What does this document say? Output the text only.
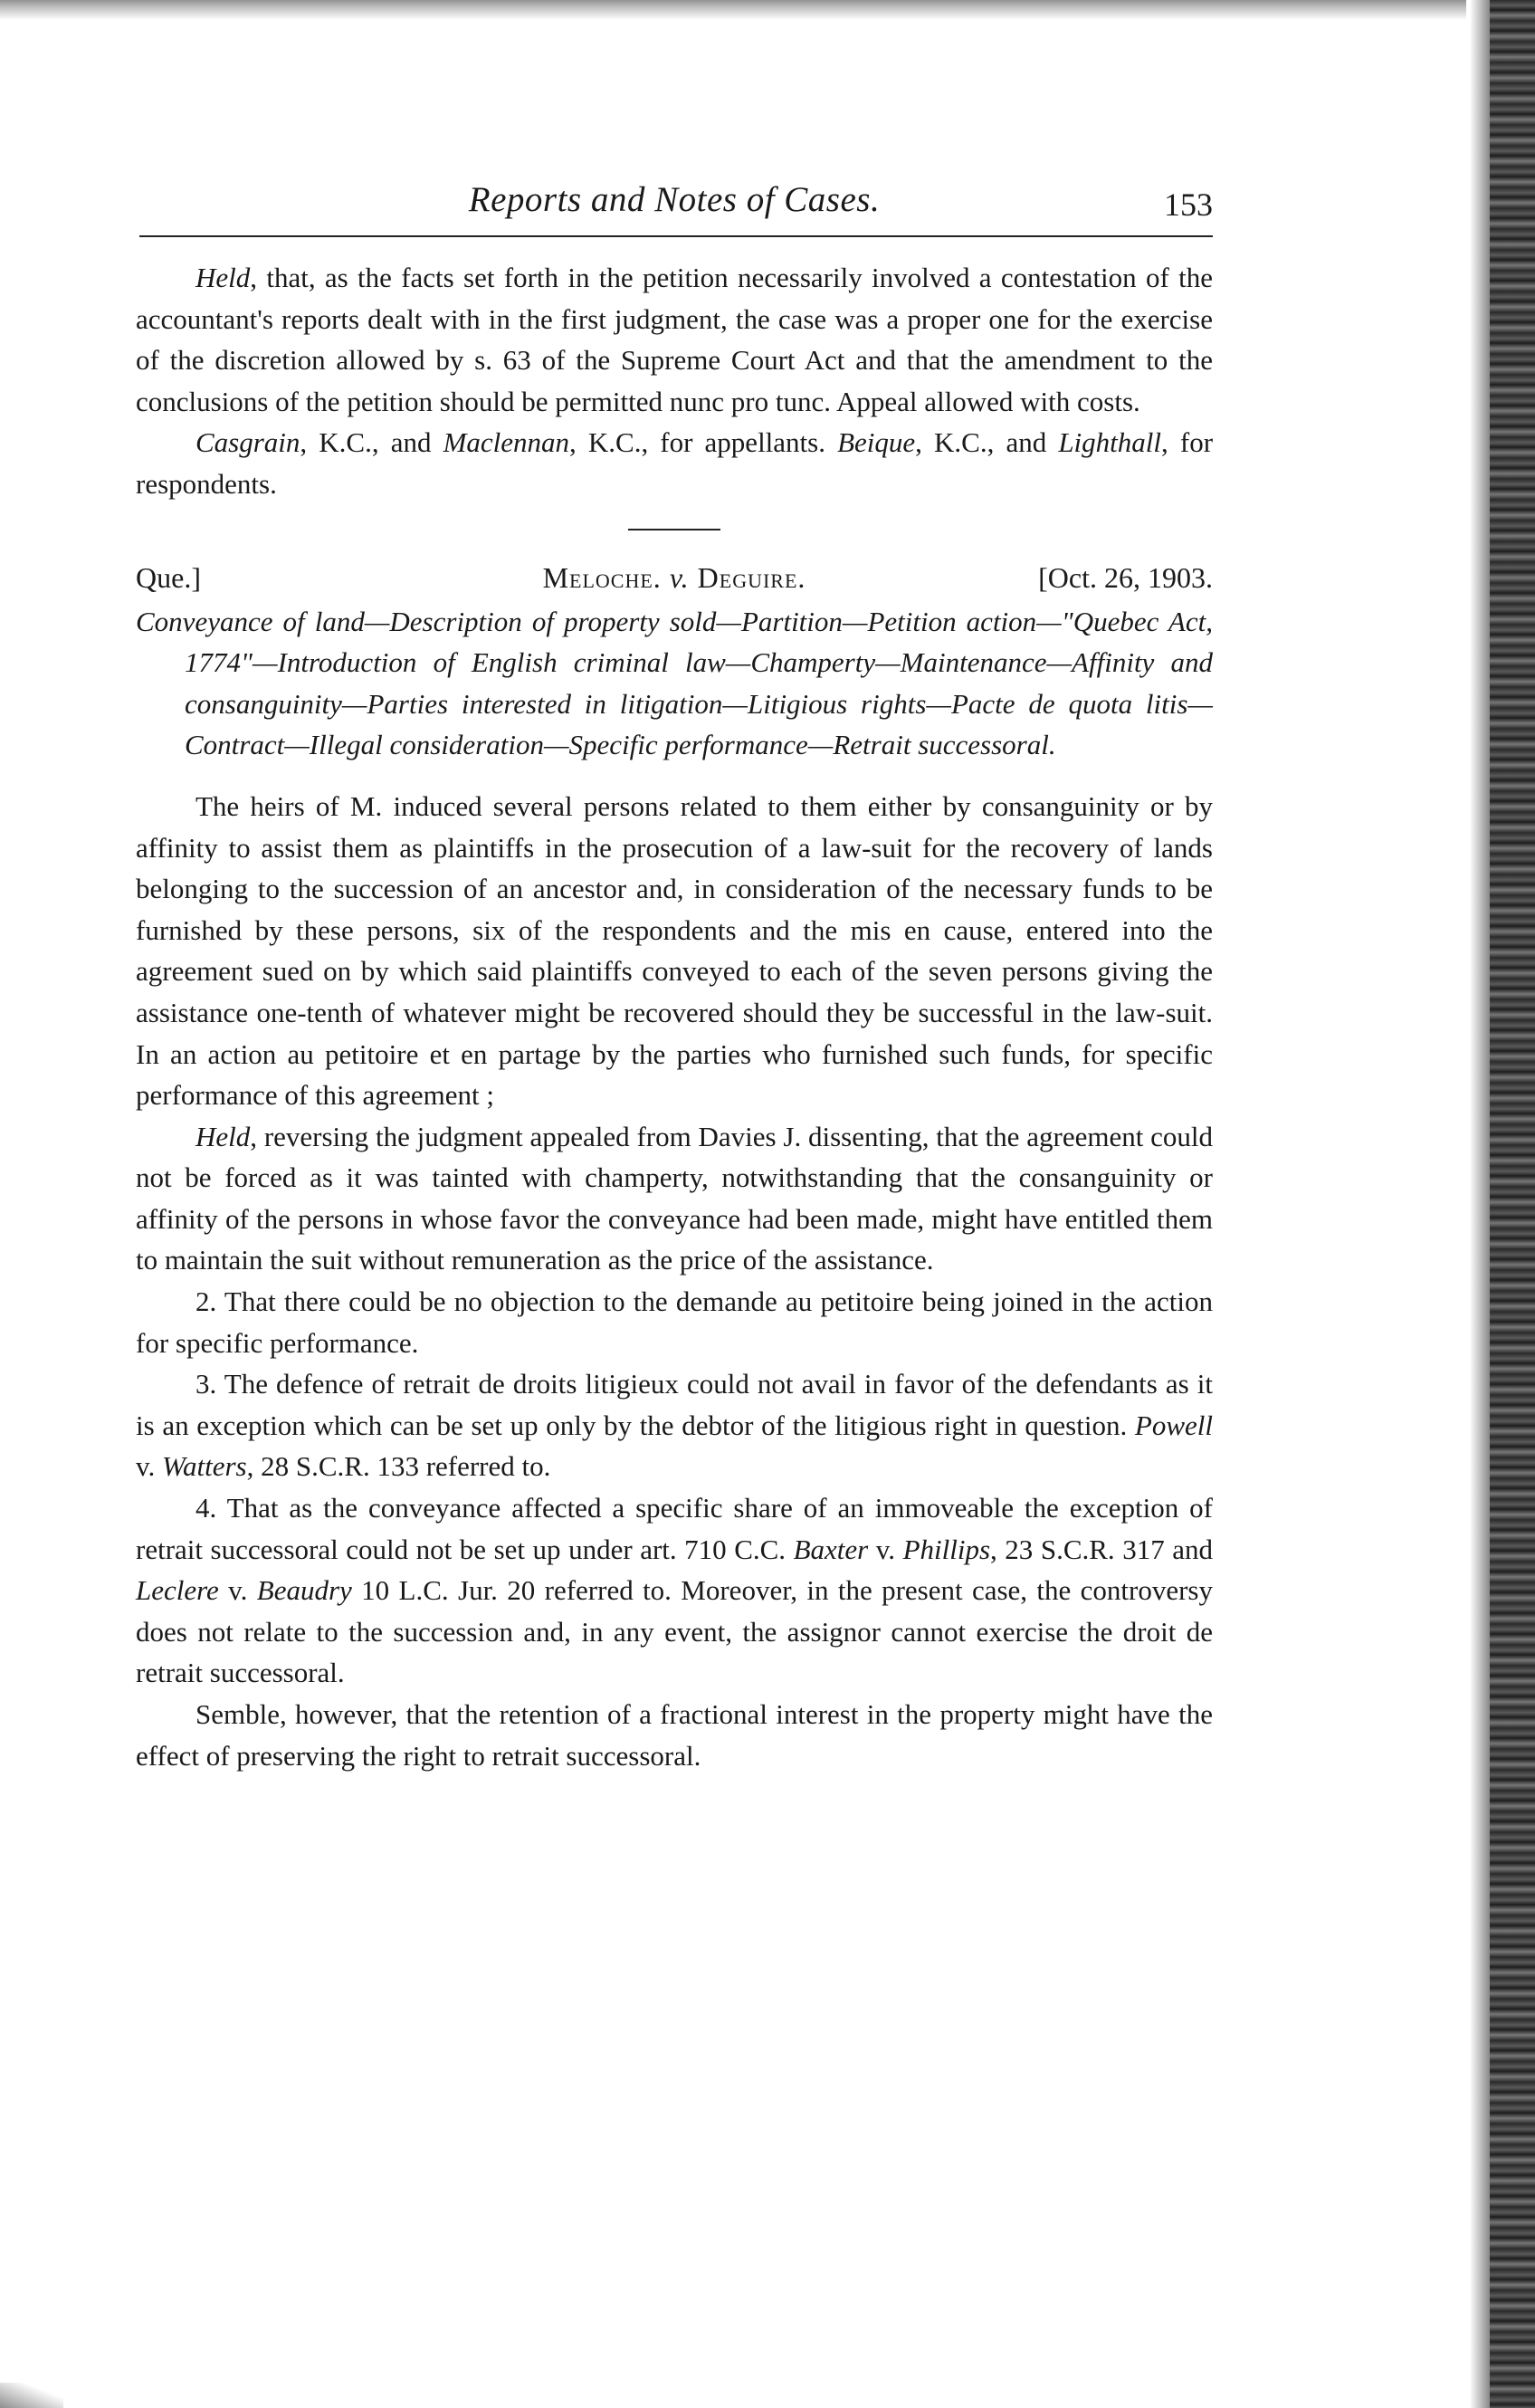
Reports and Notes of Cases.	153

Held, that, as the facts set forth in the petition necessarily involved a contestation of the accountant's reports dealt with in the first judgment, the case was a proper one for the exercise of the discretion allowed by s. 63 of the Supreme Court Act and that the amendment to the conclusions of the petition should be permitted nunc pro tunc. Appeal allowed with costs.

Casgrain, K.C., and Maclennan, K.C., for appellants. Beique, K.C., and Lighthall, for respondents.

Que.]	Meloche. v. Deguire.	[Oct. 26, 1903.

Conveyance of land—Description of property sold—Partition—Petition action—"Quebec Act, 1774"—Introduction of English criminal law—Champerty—Maintenance—Affinity and consanguinity—Parties interested in litigation—Litigious rights—Pacte de quota litis—Contract—Illegal consideration—Specific performance—Retrait successoral.

The heirs of M. induced several persons related to them either by consanguinity or by affinity to assist them as plaintiffs in the prosecution of a law-suit for the recovery of lands belonging to the succession of an ancestor and, in consideration of the necessary funds to be furnished by these persons, six of the respondents and the mis en cause, entered into the agreement sued on by which said plaintiffs conveyed to each of the seven persons giving the assistance one-tenth of whatever might be recovered should they be successful in the law-suit. In an action au petitoire et en partage by the parties who furnished such funds, for specific performance of this agreement ;

Held, reversing the judgment appealed from Davies J. dissenting, that the agreement could not be forced as it was tainted with champerty, notwithstanding that the consanguinity or affinity of the persons in whose favor the conveyance had been made, might have entitled them to maintain the suit without remuneration as the price of the assistance.

2. That there could be no objection to the demande au petitoire being joined in the action for specific performance.

3. The defence of retrait de droits litigieux could not avail in favor of the defendants as it is an exception which can be set up only by the debtor of the litigious right in question. Powell v. Watters, 28 S.C.R. 133 referred to.

4. That as the conveyance affected a specific share of an immoveable the exception of retrait successoral could not be set up under art. 710 C.C. Baxter v. Phillips, 23 S.C.R. 317 and Leclere v. Beaudry 10 L.C. Jur. 20 referred to. Moreover, in the present case, the controversy does not relate to the succession and, in any event, the assignor cannot exercise the droit de retrait successoral.

Semble, however, that the retention of a fractional interest in the property might have the effect of preserving the right to retrait successoral.
